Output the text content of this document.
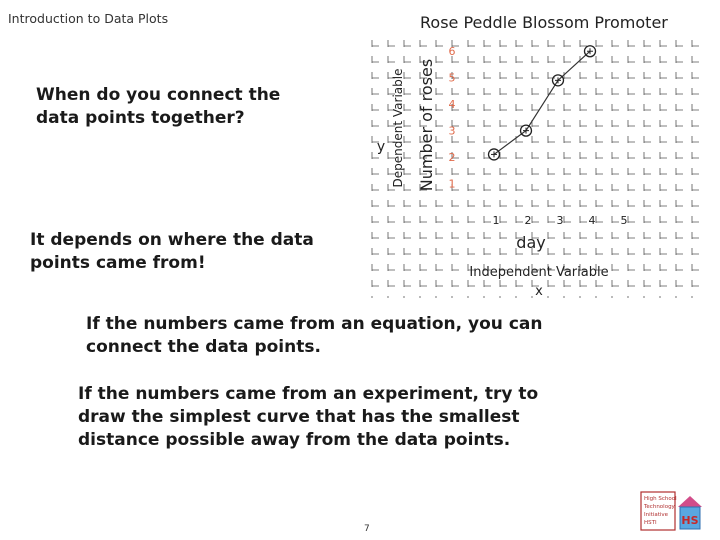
Introduction to Data Plots	Rose Peddle Blossom Promoter
When do you connect the data points together?
It depends on where the data points came from!
If the numbers came from an equation, you can connect the data points.
If the numbers came from an experiment, try to draw the simplest curve that has the smallest distance possible away from the data points.
7
Dependent Variable
y Number of roses
day
Independent Variable
x
1
2
3
4
5
6
1 2 3 4 5
High School
Technology
Initiative
HSTI HS
